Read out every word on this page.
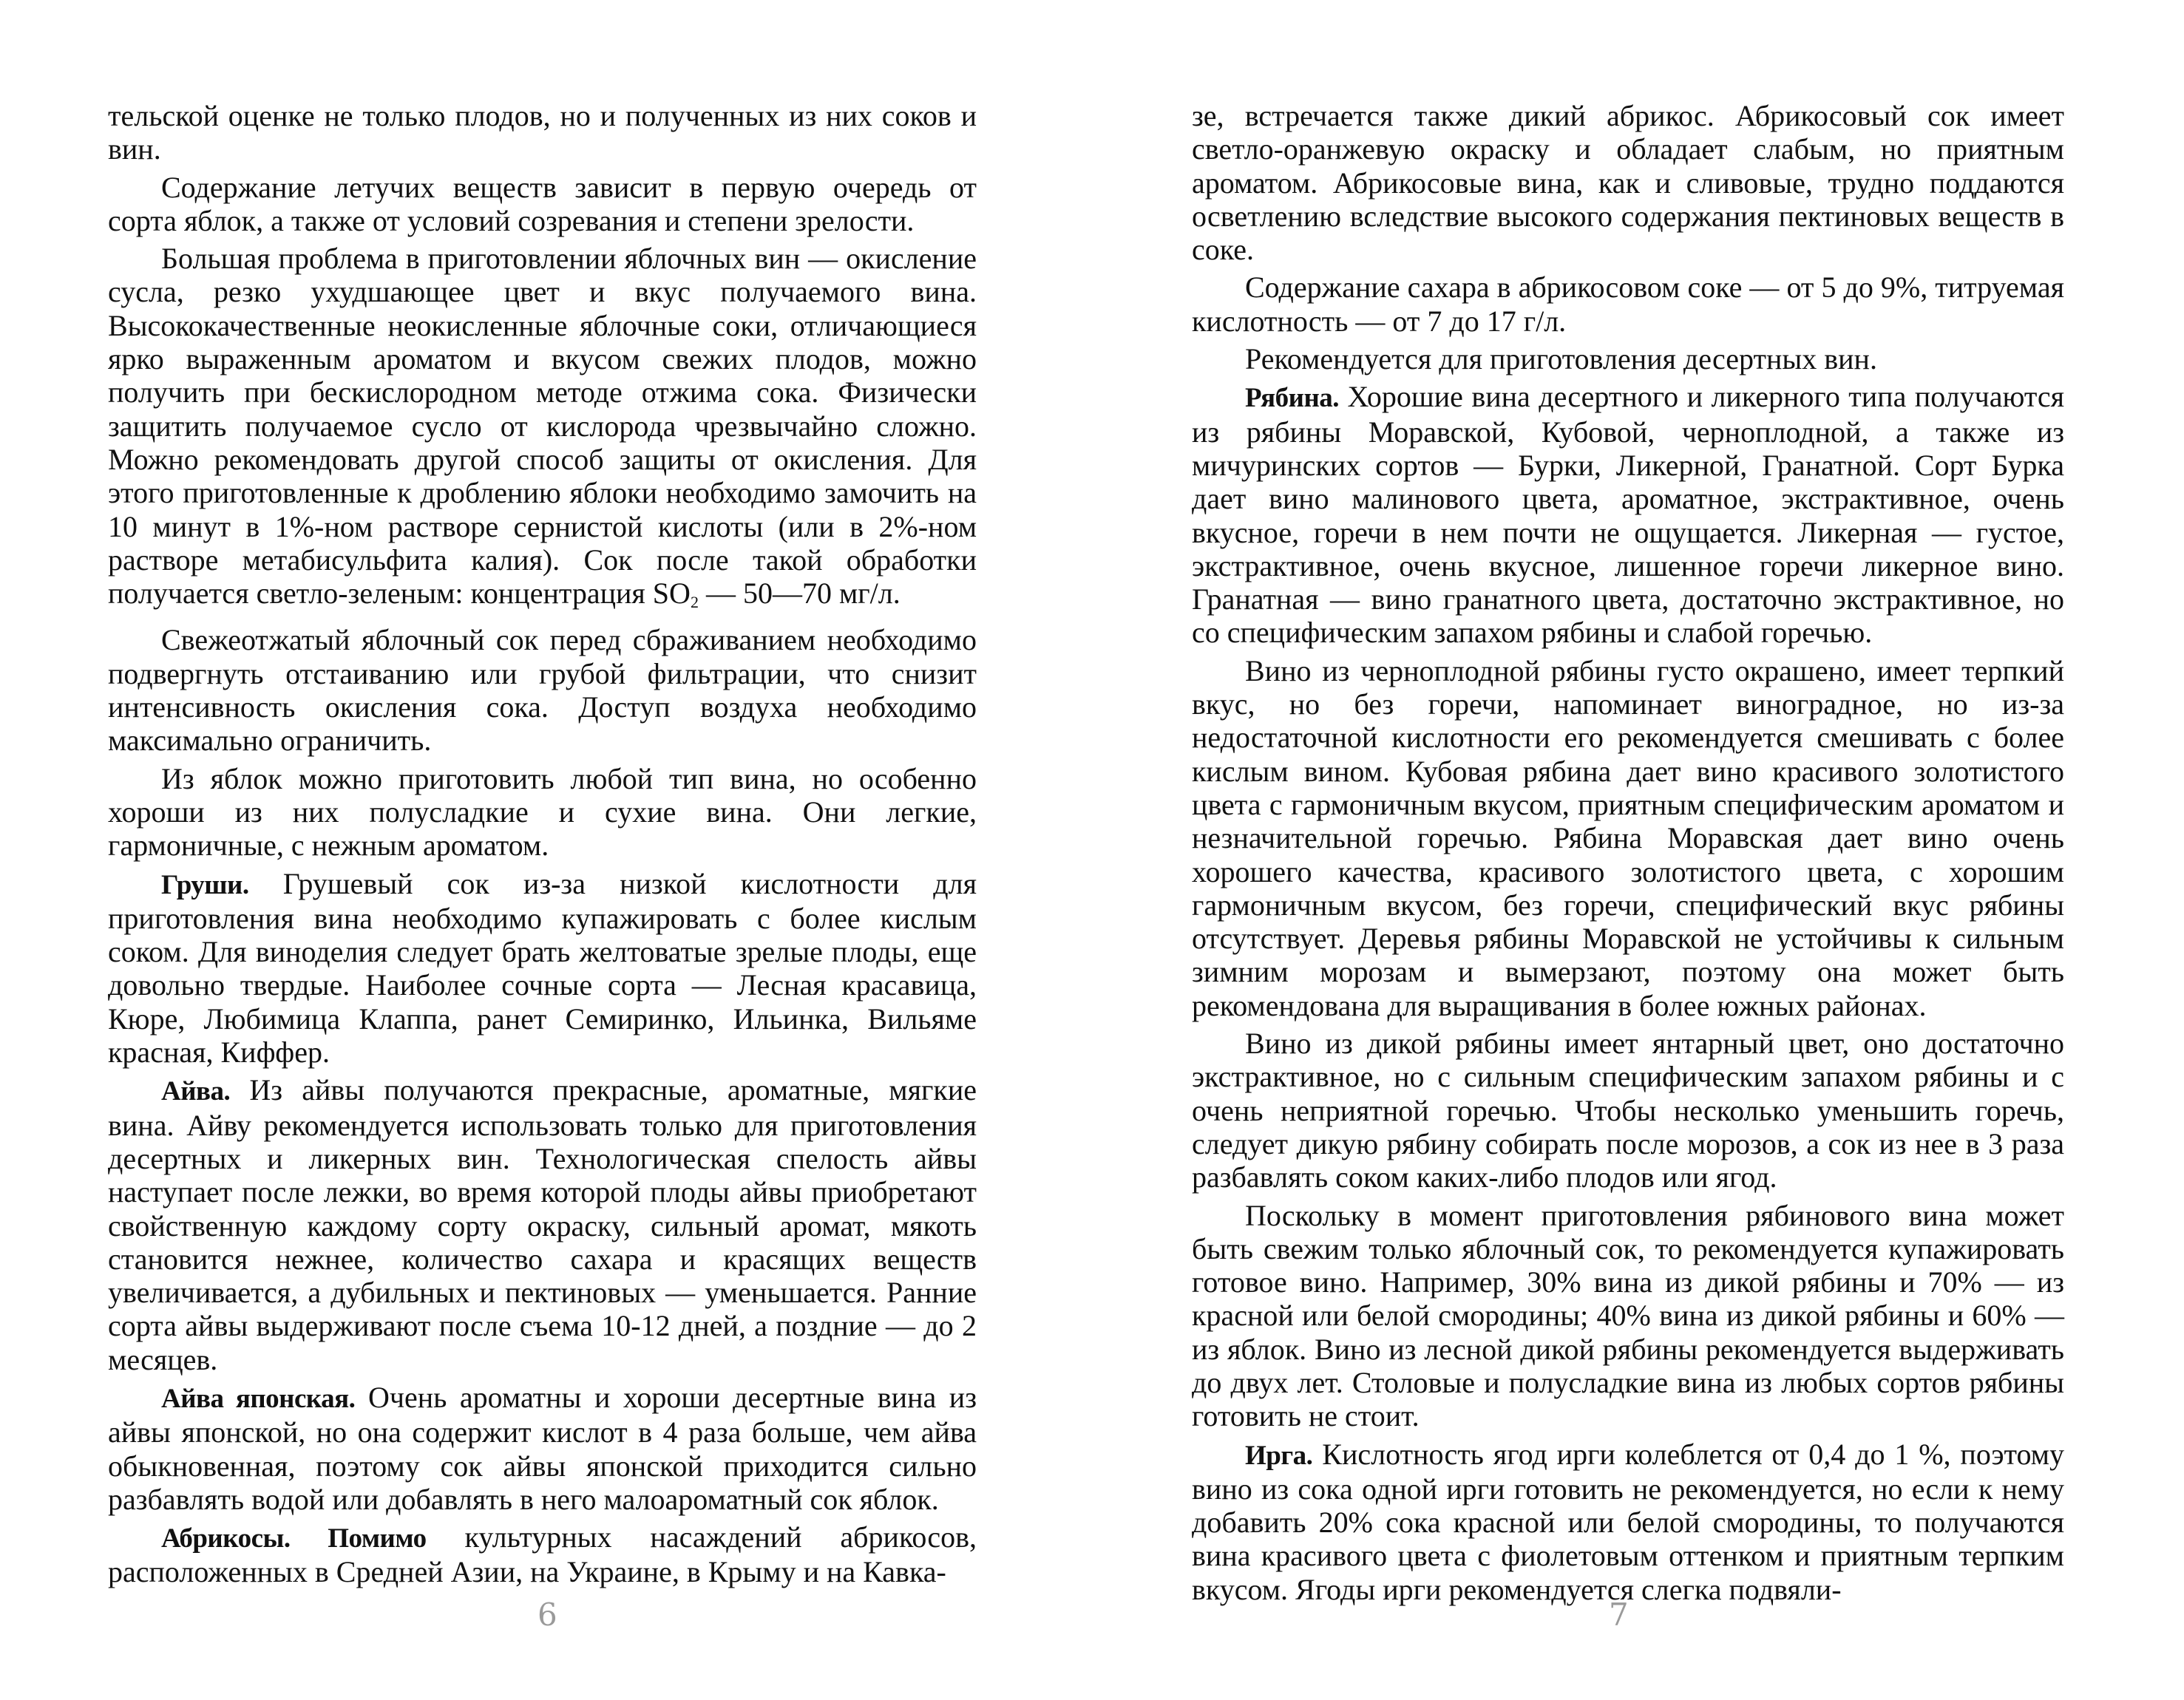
тельской оценке не только плодов, но и полученных из них соков и вин.

Содержание летучих веществ зависит в первую очередь от сорта яблок, а также от условий созревания и степени зрелости.

Большая проблема в приготовлении яблочных вин — окисление сусла, резко ухудшающее цвет и вкус получаемого вина. Высококачественные неокисленные яблочные соки, отличающиеся ярко выраженным ароматом и вкусом свежих плодов, можно получить при бескислородном методе отжима сока. Физически защитить получаемое сусло от кислорода чрезвычайно сложно. Можно рекомендовать другой способ защиты от окисления. Для этого приготовленные к дроблению яблоки необходимо замочить на 10 минут в 1%-ном растворе сернистой кислоты (или в 2%-ном растворе метабисульфита калия). Сок после такой обработки получается светло-зеленым: концентрация $SO_2$ — 50—70 мг/л.

Свежеотжатый яблочный сок перед сбраживанием необходимо подвергнуть отстаиванию или грубой фильтрации, что снизит интенсивность окисления сока. Доступ воздуха необходимо максимально ограничить.

Из яблок можно приготовить любой тип вина, но особенно хороши из них полусладкие и сухие вина. Они легкие, гармоничные, с нежным ароматом.

Груши. Грушевый сок из-за низкой кислотности для приготовления вина необходимо купажировать с более кислым соком. Для виноделия следует брать желтоватые зрелые плоды, еще довольно твердые. Наиболее сочные сорта — Лесная красавица, Кюре, Любимица Клаппа, ранет Семиринко, Ильинка, Вильяме красная, Киффер.

Айва. Из айвы получаются прекрасные, ароматные, мягкие вина. Айву рекомендуется использовать только для приготовления десертных и ликерных вин. Технологическая спелость айвы наступает после лежки, во время которой плоды айвы приобретают свойственную каждому сорту окраску, сильный аромат, мякоть становится нежнее, количество сахара и красящих веществ увеличивается, а дубильных и пектиновых — уменьшается. Ранние сорта айвы выдерживают после съема 10-12 дней, а поздние — до 2 месяцев.

Айва японская. Очень ароматны и хороши десертные вина из айвы японской, но она содержит кислот в 4 раза больше, чем айва обыкновенная, поэтому сок айвы японской приходится сильно разбавлять водой или добавлять в него малоароматный сок яблок.

Абрикосы. Помимо культурных насаждений абрикосов, расположенных в Средней Азии, на Украине, в Крыму и на Кавка-

6

зе, встречается также дикий абрикос. Абрикосовый сок имеет светло-оранжевую окраску и обладает слабым, но приятным ароматом. Абрикосовые вина, как и сливовые, трудно поддаются осветлению вследствие высокого содержания пектиновых веществ в соке.

Содержание сахара в абрикосовом соке — от 5 до 9%, титруемая кислотность — от 7 до 17 г/л.

Рекомендуется для приготовления десертных вин.

Рябина. Хорошие вина десертного и ликерного типа получаются из рябины Моравской, Кубовой, черноплодной, а также из мичуринских сортов — Бурки, Ликерной, Гранатной. Сорт Бурка дает вино малинового цвета, ароматное, экстрактивное, очень вкусное, горечи в нем почти не ощущается. Ликерная — густое, экстрактивное, очень вкусное, лишенное горечи ликерное вино. Гранатная — вино гранатного цвета, достаточно экстрактивное, но со специфическим запахом рябины и слабой горечью.

Вино из черноплодной рябины густо окрашено, имеет терпкий вкус, но без горечи, напоминает виноградное, но из-за недостаточной кислотности его рекомендуется смешивать с более кислым вином. Кубовая рябина дает вино красивого золотистого цвета с гармоничным вкусом, приятным специфическим ароматом и незначительной горечью. Рябина Моравская дает вино очень хорошего качества, красивого золотистого цвета, с хорошим гармоничным вкусом, без горечи, специфический вкус рябины отсутствует. Деревья рябины Моравской не устойчивы к сильным зимним морозам и вымерзают, поэтому она может быть рекомендована для выращивания в более южных районах.

Вино из дикой рябины имеет янтарный цвет, оно достаточно экстрактивное, но с сильным специфическим запахом рябины и с очень неприятной горечью. Чтобы несколько уменьшить горечь, следует дикую рябину собирать после морозов, а сок из нее в 3 раза разбавлять соком каких-либо плодов или ягод.

Поскольку в момент приготовления рябинового вина может быть свежим только яблочный сок, то рекомендуется купажировать готовое вино. Например, 30% вина из дикой рябины и 70% — из красной или белой смородины; 40% вина из дикой рябины и 60% — из яблок. Вино из лесной дикой рябины рекомендуется выдерживать до двух лет. Столовые и полусладкие вина из любых сортов рябины готовить не стоит.

Ирга. Кислотность ягод ирги колеблется от 0,4 до 1 %, поэтому вино из сока одной ирги готовить не рекомендуется, но если к нему добавить 20% сока красной или белой смородины, то получаются вина красивого цвета с фиолетовым оттенком и приятным терпким вкусом. Ягоды ирги рекомендуется слегка подвяли-

7
